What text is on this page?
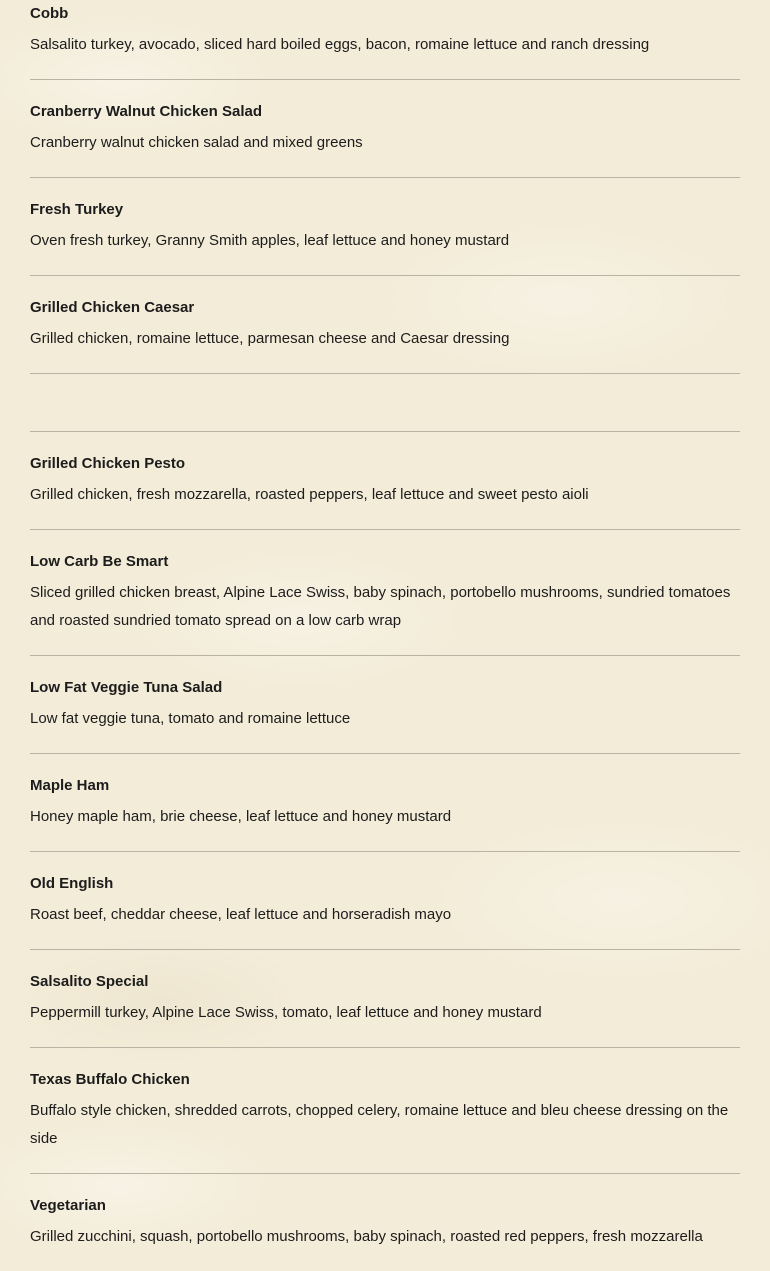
Cobb
Salsalito turkey, avocado, sliced hard boiled eggs, bacon, romaine lettuce and ranch dressing
Cranberry Walnut Chicken Salad
Cranberry walnut chicken salad and mixed greens
Fresh Turkey
Oven fresh turkey, Granny Smith apples, leaf lettuce and honey mustard
Grilled Chicken Caesar
Grilled chicken, romaine lettuce, parmesan cheese and Caesar dressing
Grilled Chicken Pesto
Grilled chicken, fresh mozzarella, roasted peppers, leaf lettuce and sweet pesto aioli
Low Carb Be Smart
Sliced grilled chicken breast, Alpine Lace Swiss, baby spinach, portobello mushrooms, sundried tomatoes and roasted sundried tomato spread on a low carb wrap
Low Fat Veggie Tuna Salad
Low fat veggie tuna, tomato and romaine lettuce
Maple Ham
Honey maple ham, brie cheese, leaf lettuce and honey mustard
Old English
Roast beef, cheddar cheese, leaf lettuce and horseradish mayo
Salsalito Special
Peppermill turkey, Alpine Lace Swiss, tomato, leaf lettuce and honey mustard
Texas Buffalo Chicken
Buffalo style chicken, shredded carrots, chopped celery, romaine lettuce and bleu cheese dressing on the side
Vegetarian
Grilled zucchini, squash, portobello mushrooms, baby spinach, roasted red peppers, fresh mozzarella
